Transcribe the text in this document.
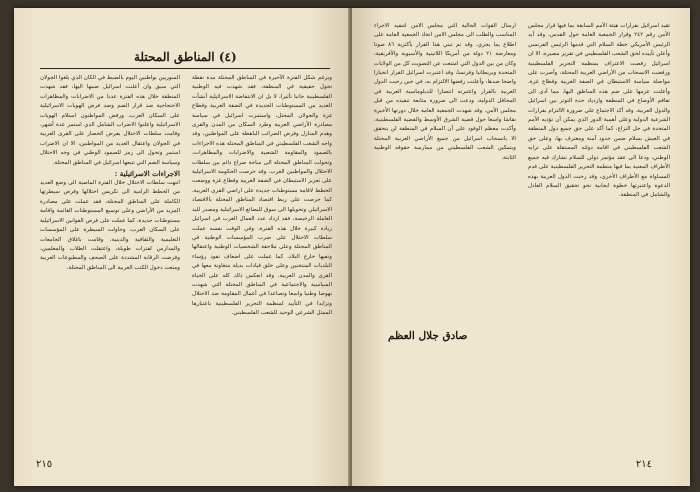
(٤) المناطق المحتلة

وبرغم شكل الفترة الأخيرة في المناطق المحتلة مدة نقطة تحول حقيقية في المنطقة، فقد شهدت فيه الوطنية الفلسطينية جانبا تأثيرا، لا بل ان الانتفاضة الاسرائيلية أنشأت العديد من المستوطنات الجديدة في الضفة الغربية وقطاع غزة والجولان المحتل، واستمرت اسرائيل في سياسة مصادرة الأراضي العربية وطرد السكان من المدن والقرى وهدم المنازل وفرض الضرائب الباهظة على المواطنين، وقد واجه الشعب الفلسطيني في المناطق المحتلة هذه الاجراءات بالصمود والمقاومة الشعبية والاضرابات والمظاهرات، وتحولت المناطق المحتلة الى ساحة صراع دائم بين سلطات الاحتلال والمواطنين العرب. وقد حرصت الحكومة الاسرائيلية على تعزيز الاستيطان في الضفة الغربية وقطاع غزة ووضعت الخطط لاقامة مستوطنات جديدة على اراضي القرى العربية، كما حرصت على ربط اقتصاد المناطق المحتلة بالاقتصاد الاسرائيلي وتحويلها الى سوق للبضائع الاسرائيلية ومصدر لليد العاملة الرخيصة، فقد ازداد عدد العمال العرب في اسرائيل زيادة كبيرة خلال هذه الفترة، وفي الوقت نفسه عملت سلطات الاحتلال على ضرب المؤسسات الوطنية في المناطق المحتلة وعلى ملاحقة الشخصيات الوطنية واعتقالها ونفيها خارج البلاد، كما عملت على اضعاف نفوذ رؤساء البلديات المنتخبين وعلى خلق قيادات بديلة متعاونة معها في القرى والمدن العربية. وقد انعكس ذلك كله على الحياة السياسية والاجتماعية في المناطق المحتلة التي شهدت نهوضا وطنيا واسعا وتصاعدا في أعمال المقاومة ضد الاحتلال وتزايدا في التأييد لمنظمة التحرير الفلسطينية باعتبارها الممثل الشرعي الوحيد للشعب الفلسطيني.

السوريين بواطنين اليوم بالضبط في الكان الذي بلغوا الجولان التي سبق وان أعلنت اسرائيل ضمها اليها، فقد شهدت المنطقة خلال هذه الفترة عددا من الاضرابات والمظاهرات الاحتجاجية ضد قرار الضم وضد فرض الهويات الاسرائيلية على السكان العرب، ورفض المواطنون استلام الهويات الاسرائيلية واعلنوا الاضراب الشامل الذي استمر عدة أشهر، وقامت سلطات الاحتلال بفرض الحصار على القرى العربية في الجولان واعتقال العديد من المواطنين، الا ان الاضراب استمر وتحول الى رمز للصمود الوطني في وجه الاحتلال وسياسة الضم التي تتبعها اسرائيل في المناطق المحتلة.

الاجراءات الاسرائيلية :

انتهت سلطات الاحتلال خلال الفترة الماضية الى وضع العديد من الخطط الرامية الى تكريس احتلالها وفرض سيطرتها الكاملة على المناطق المحتلة، فقد عملت على مصادرة المزيد من الأراضي وعلى توسيع المستوطنات القائمة واقامة مستوطنات جديدة، كما عملت على فرض القوانين الاسرائيلية على السكان العرب، وحاولت السيطرة على المؤسسات التعليمية والثقافية والدينية، وقامت باغلاق الجامعات والمدارس لفترات طويلة، واعتقلت الطلاب والمعلمين، وفرضت الرقابة المشددة على الصحف والمطبوعات العربية ومنعت دخول الكتب العربية الى المناطق المحتلة.

٢١٥

تقيد اسرائيل بقرارات هيئة الأمم السابقة بما فيها قرار مجلس الأمن رقم ٢٤٢ وقرار الجمعية العامة حول القدس، وقد أيد الرئيس الأمريكي خطة السلام التي قدمها الرئيس الفرنسي وأعلن تأييده لحق الشعب الفلسطيني في تقرير مصيره، الا ان اسرائيل رفضت الاعتراف بمنظمة التحرير الفلسطينية ورفضت الانسحاب من الأراضي العربية المحتلة، وأصرت على مواصلة سياسة الاستيطان في الضفة الغربية وقطاع غزة، وأعلنت عزمها على ضم هذه المناطق اليها، مما أدى الى تفاقم الأوضاع في المنطقة وازدياد حدة التوتر بين اسرائيل والدول العربية. وقد أكد الاجتماع على ضرورة الالتزام بقرارات الشرعية الدولية وعلى أهمية الدور الذي يمكن أن تؤديه الأمم المتحدة في حل النزاع، كما أكد على حق جميع دول المنطقة في العيش بسلام ضمن حدود آمنة ومعترف بها، وعلى حق الشعب الفلسطيني في اقامة دولته المستقلة على ترابه الوطني، ودعا الى عقد مؤتمر دولي للسلام تشارك فيه جميع الأطراف المعنية بما فيها منظمة التحرير الفلسطينية على قدم المساواة مع الأطراف الأخرى، وقد رحبت الدول العربية بهذه الدعوة واعتبرتها خطوة ايجابية نحو تحقيق السلام العادل والشامل في المنطقة.

ارسال القوات الحالية التي مجلس الامن لتنفيذ الاجراء المناسب والطلب الى مجلس الامن اتخاذ الجمعية العامة على اطلاع بما يجري، وقد تم تبني هذا القرار بأكثرية ٨٦ صوتا ومعارضة ٢١ دولة من أمريكا اللاتينية والأسيوية والأفريقية، وكان من بين الدول التي امتنعت عن التصويت كل من الولايات المتحدة وبريطانيا وفرنسا، وقد اعتبرت اسرائيل القرار انحيازا واضحا ضدها، وأعلنت رفضها الالتزام به، في حين رحبت الدول العربية بالقرار واعتبرته انتصارا للدبلوماسية العربية في المحافل الدولية، ودعت الى ضرورة متابعة تنفيذه من قبل مجلس الأمن. وقد شهدت الجمعية العامة خلال دورتها الأخيرة نقاشا واسعا حول قضية الشرق الأوسط والقضية الفلسطينية، وأكدت معظم الوفود على أن السلام في المنطقة لن يتحقق الا بانسحاب اسرائيل من جميع الأراضي العربية المحتلة وبتمكين الشعب الفلسطيني من ممارسة حقوقه الوطنية الثابتة.

صادق جلال العظم
٢١٤
